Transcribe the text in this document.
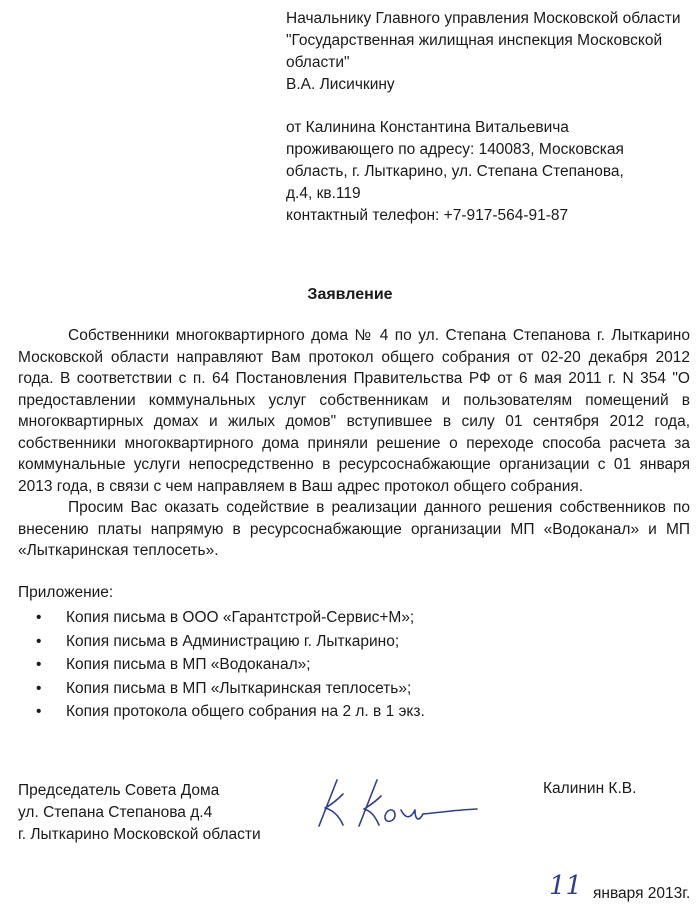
Начальнику Главного управления Московской области
"Государственная жилищная инспекция Московской
области"
В.А. Лисичкину
от Калинина Константина Витальевича
проживающего по адресу: 140083, Московская
область, г. Лыткарино, ул. Степана Степанова,
д.4, кв.119
контактный телефон: +7-917-564-91-87
Заявление

Собственники многоквартирного дома № 4 по ул. Степана Степанова г. Лыткарино Московской области направляют Вам протокол общего собрания от 02-20 декабря 2012 года. В соответствии с п. 64 Постановления Правительства РФ от 6 мая 2011 г. N 354 "О предоставлении коммунальных услуг собственникам и пользователям помещений в многоквартирных домах и жилых домов" вступившее в силу 01 сентября 2012 года, собственники многоквартирного дома приняли решение о переходе способа расчета за коммунальные услуги непосредственно в ресурсоснабжающие организации с 01 января 2013 года, в связи с чем направляем в Ваш адрес протокол общего собрания.

Просим Вас оказать содействие в реализации данного решения собственников по внесению платы напрямую в ресурсоснабжающие организации МП «Водоканал» и МП «Лыткаринская теплосеть».

Приложение:
• Копия письма в ООО «Гарантстрой-Сервис+М»;
• Копия письма в Администрацию г. Лыткарино;
• Копия письма в МП «Водоканал»;
• Копия письма в МП «Лыткаринская теплосеть»;
• Копия протокола общего собрания на 2 л. в 1 экз.
Председатель Совета Дома
ул. Степана Степанова д.4
г. Лыткарино Московской области
Калинин К.В.
11 января 2013г.
